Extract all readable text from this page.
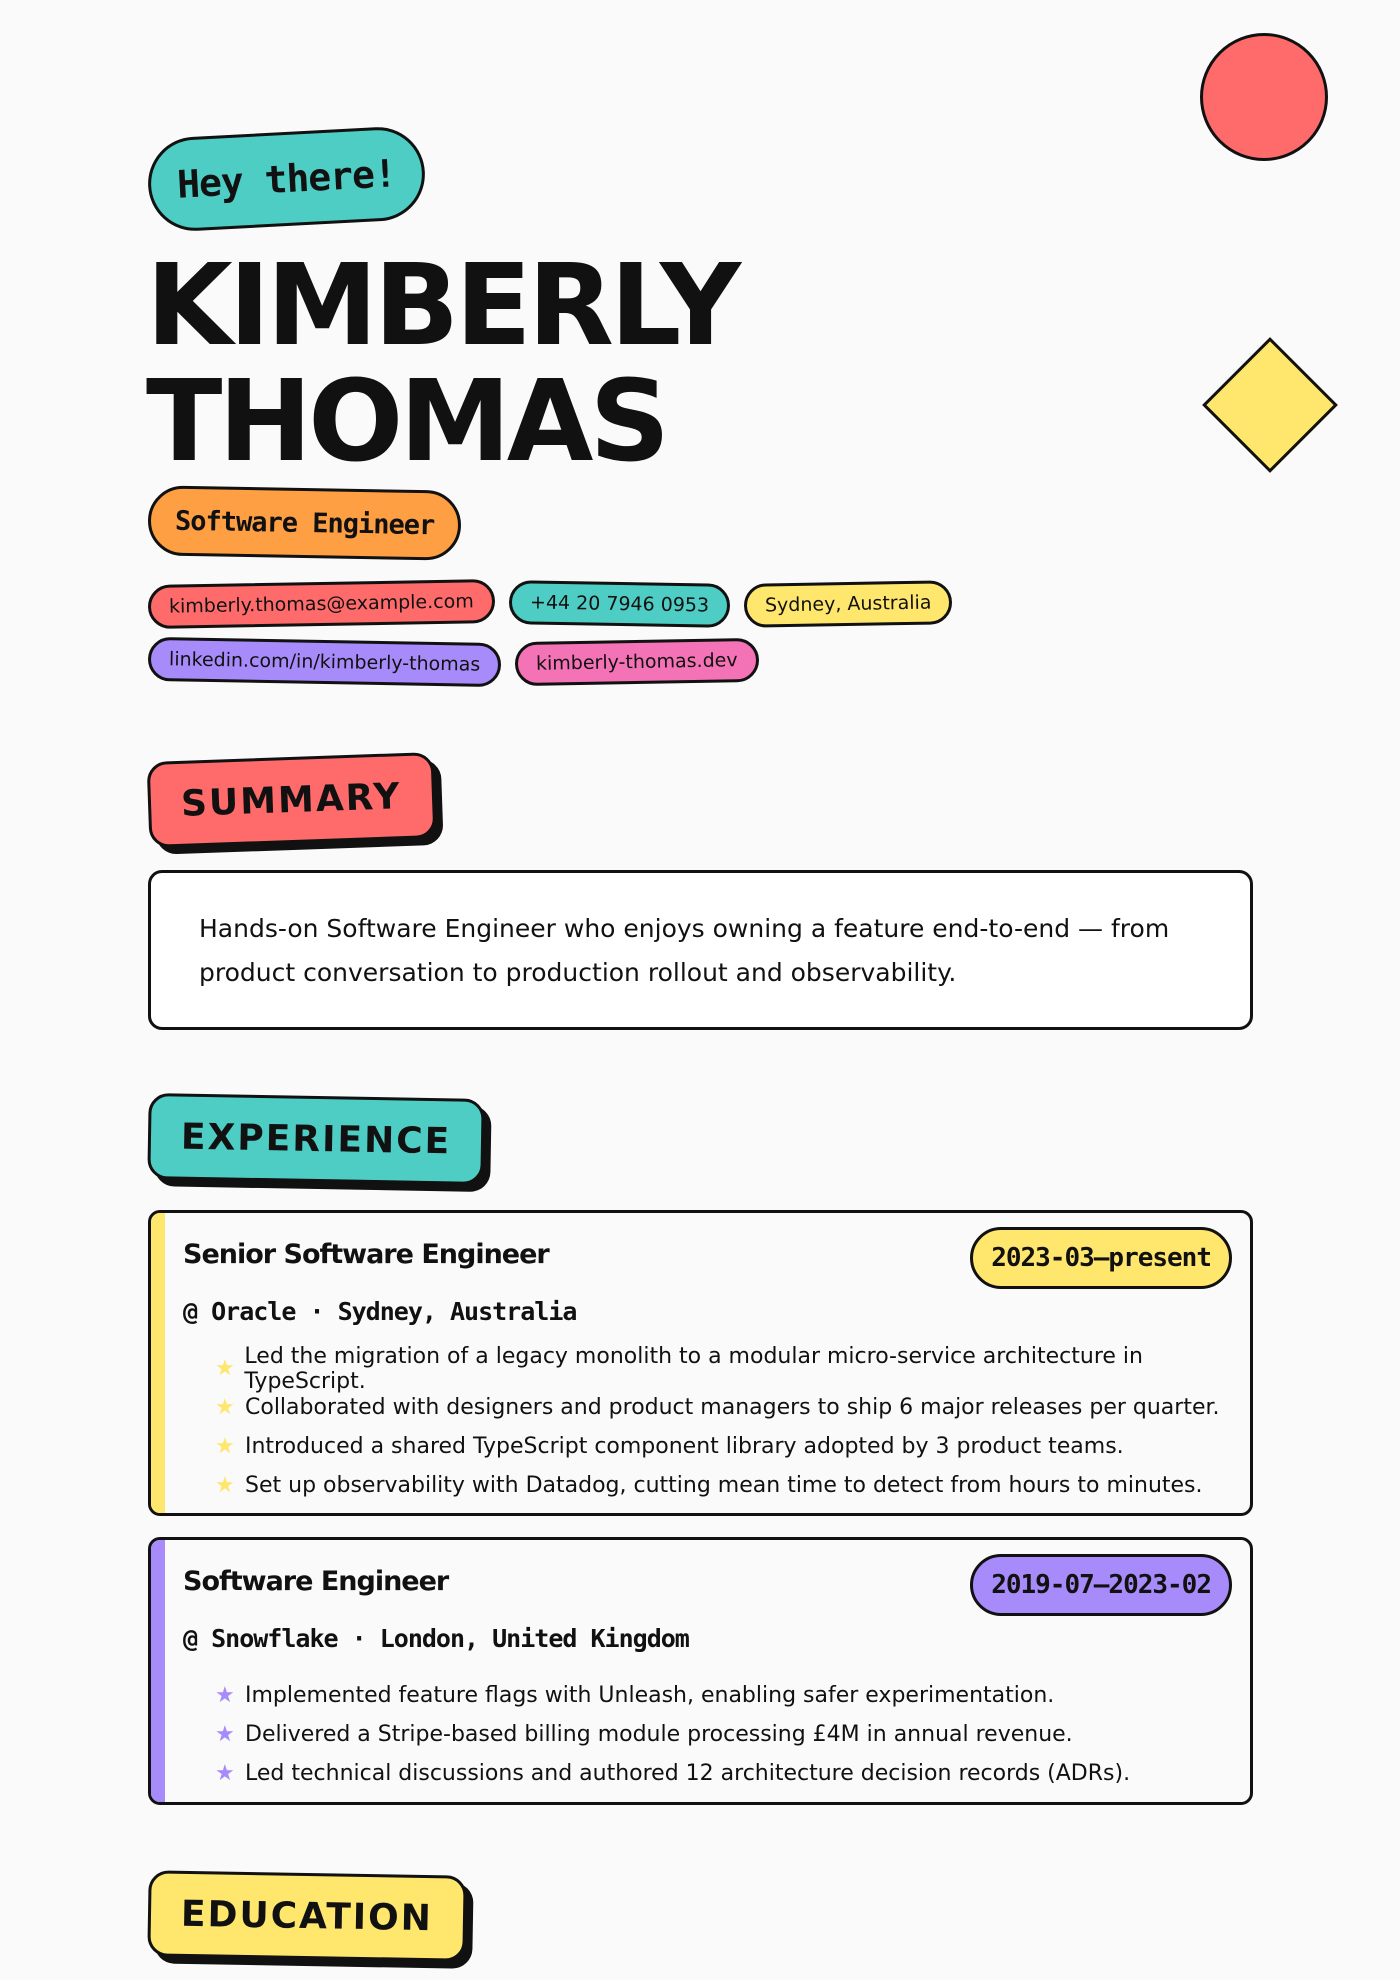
Hey there!
KIMBERLY
THOMAS
Software Engineer
kimberly.thomas@example.com	+44 20 7946 0953	Sydney, Australia
linkedin.com/in/kimberly-thomas	kimberly-thomas.dev
SUMMARY
Hands-on Software Engineer who enjoys owning a feature end-to-end — from product conversation to production rollout and observability.
EXPERIENCE
Senior Software Engineer	2023-03—present
@ Oracle · Sydney, Australia
★ Led the migration of a legacy monolith to a modular micro-service architecture in TypeScript.
★ Collaborated with designers and product managers to ship 6 major releases per quarter.
★ Introduced a shared TypeScript component library adopted by 3 product teams.
★ Set up observability with Datadog, cutting mean time to detect from hours to minutes.
Software Engineer	2019-07—2023-02
@ Snowflake · London, United Kingdom
★ Implemented feature flags with Unleash, enabling safer experimentation.
★ Delivered a Stripe-based billing module processing £4M in annual revenue.
★ Led technical discussions and authored 12 architecture decision records (ADRs).
EDUCATION
